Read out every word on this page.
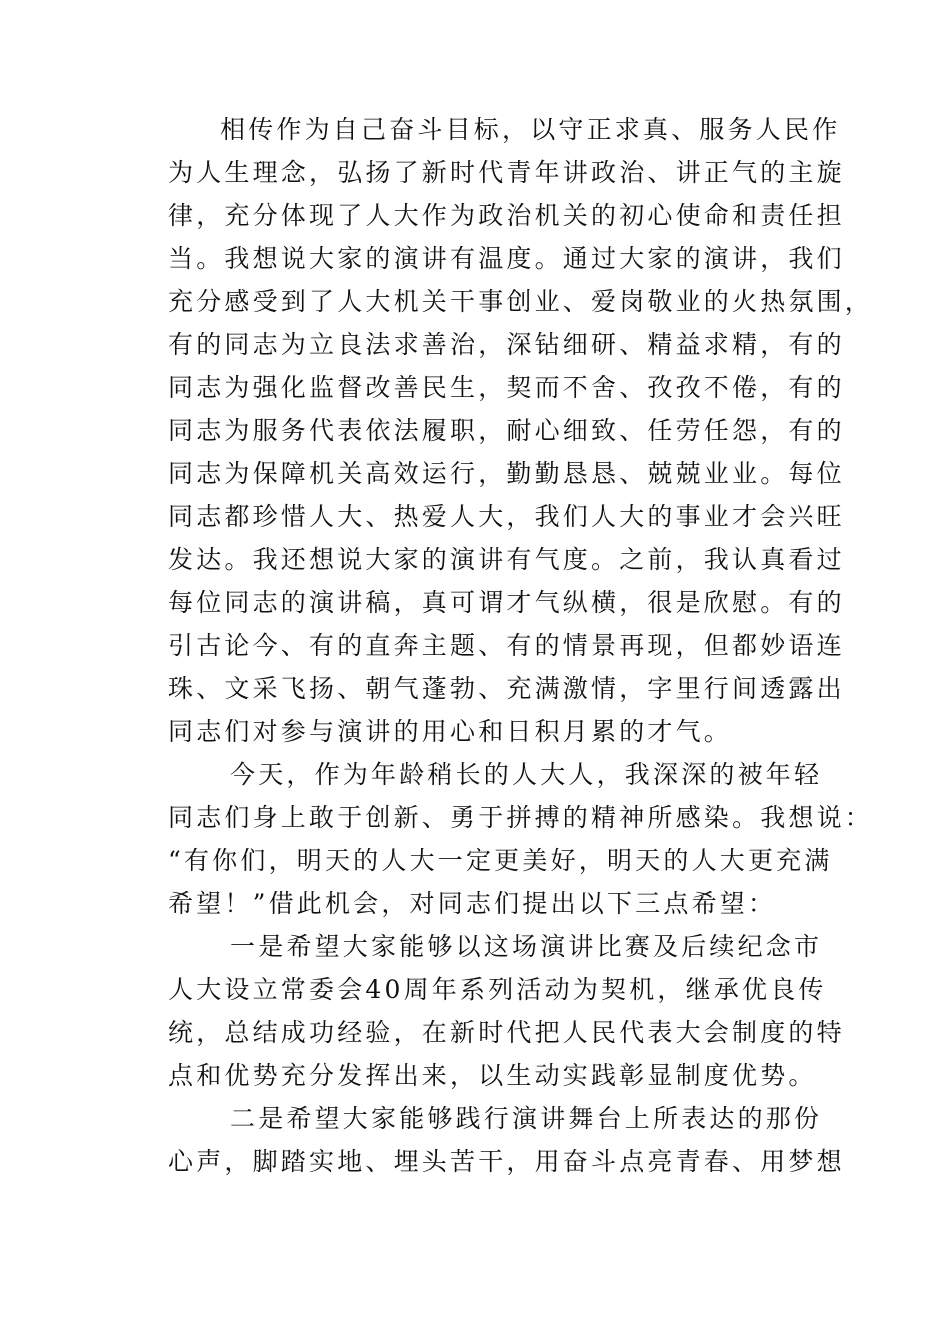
相传作为自己奋斗目标，以守正求真、服务人民作
为人生理念，弘扬了新时代青年讲政治、讲正气的主旋
律，充分体现了人大作为政治机关的初心使命和责任担
当。我想说大家的演讲有温度。通过大家的演讲，我们
充分感受到了人大机关干事创业、爱岗敬业的火热氛围，
有的同志为立良法求善治，深钻细研、精益求精，有的
同志为强化监督改善民生，契而不舍、孜孜不倦，有的
同志为服务代表依法履职，耐心细致、任劳任怨，有的
同志为保障机关高效运行，勤勤恳恳、兢兢业业。每位
同志都珍惜人大、热爱人大，我们人大的事业才会兴旺
发达。我还想说大家的演讲有气度。之前，我认真看过
每位同志的演讲稿，真可谓才气纵横，很是欣慰。有的
引古论今、有的直奔主题、有的情景再现，但都妙语连
珠、文采飞扬、朝气蓬勃、充满激情，字里行间透露出
同志们对参与演讲的用心和日积月累的才气。
今天，作为年龄稍长的人大人，我深深的被年轻
同志们身上敢于创新、勇于拼搏的精神所感染。我想说：
“有你们，明天的人大一定更美好，明天的人大更充满
希望！”借此机会，对同志们提出以下三点希望：
一是希望大家能够以这场演讲比赛及后续纪念市
人大设立常委会40周年系列活动为契机，继承优良传
统，总结成功经验，在新时代把人民代表大会制度的特
点和优势充分发挥出来，以生动实践彰显制度优势。
二是希望大家能够践行演讲舞台上所表达的那份
心声，脚踏实地、埋头苦干，用奋斗点亮青春、用梦想
